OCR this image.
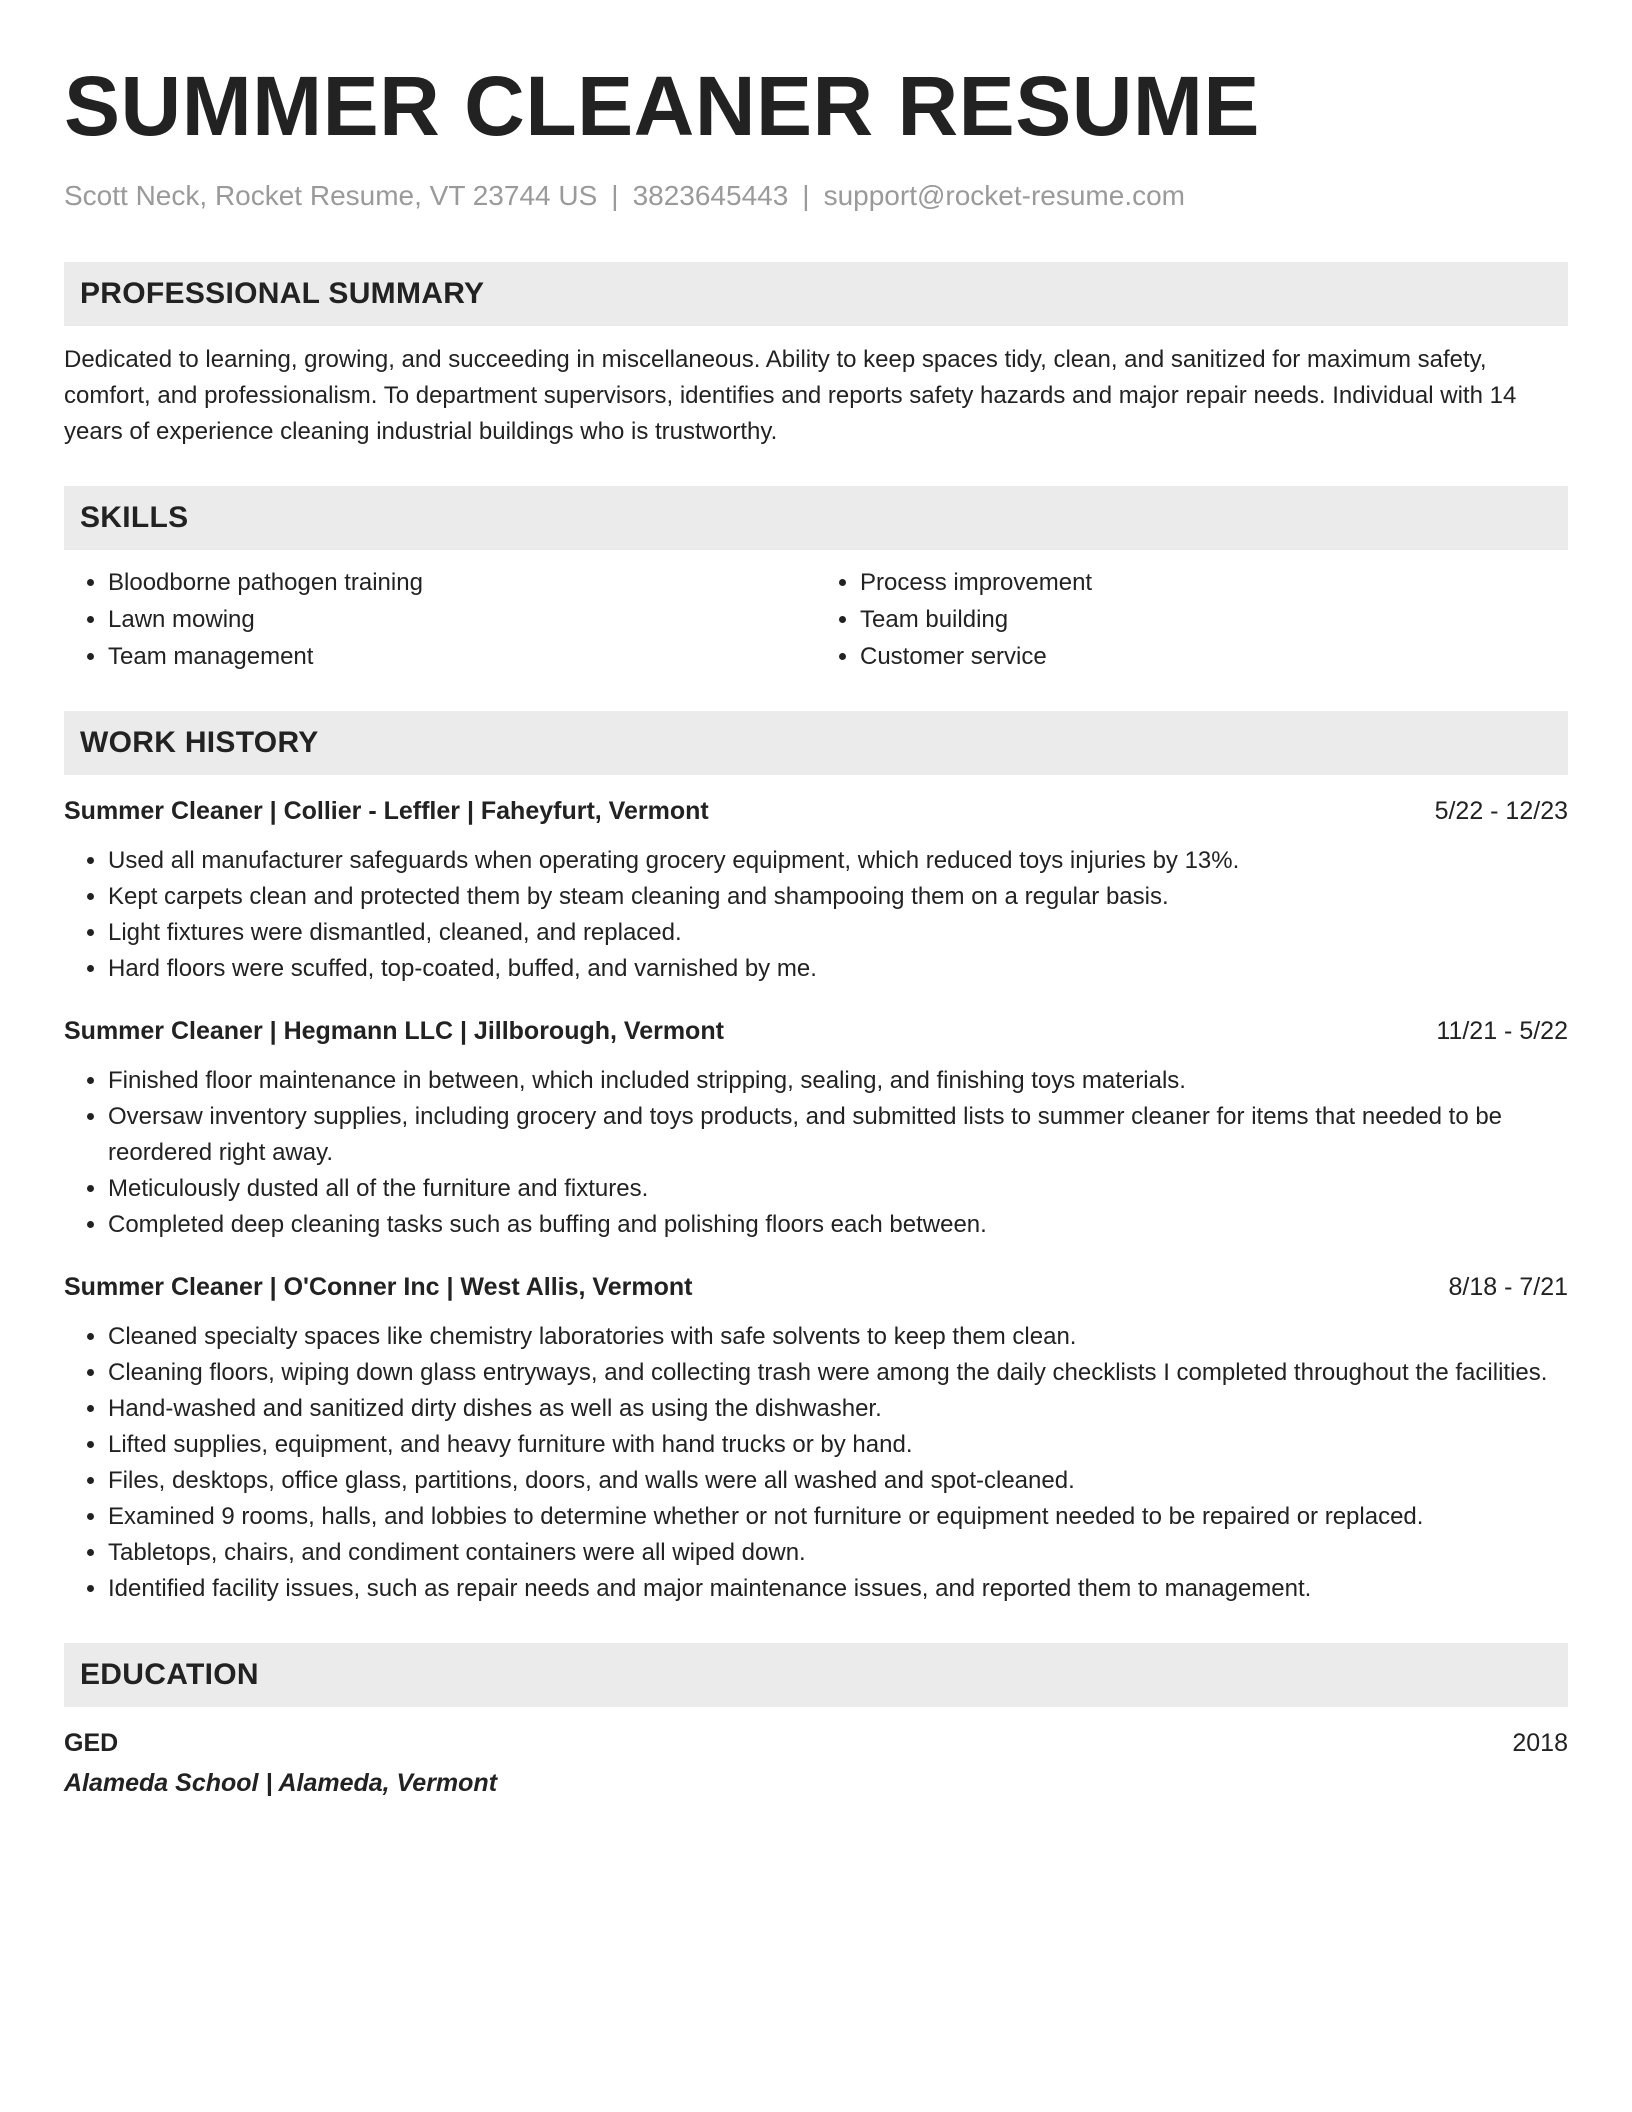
SUMMER CLEANER RESUME
Scott Neck, Rocket Resume, VT 23744 US | 3823645443 | support@rocket-resume.com
PROFESSIONAL SUMMARY
Dedicated to learning, growing, and succeeding in miscellaneous. Ability to keep spaces tidy, clean, and sanitized for maximum safety, comfort, and professionalism. To department supervisors, identifies and reports safety hazards and major repair needs. Individual with 14 years of experience cleaning industrial buildings who is trustworthy.
SKILLS
• Bloodborne pathogen training
• Lawn mowing
• Team management
• Process improvement
• Team building
• Customer service
WORK HISTORY
Summer Cleaner | Collier - Leffler | Faheyfurt, Vermont	5/22 - 12/23
• Used all manufacturer safeguards when operating grocery equipment, which reduced toys injuries by 13%.
• Kept carpets clean and protected them by steam cleaning and shampooing them on a regular basis.
• Light fixtures were dismantled, cleaned, and replaced.
• Hard floors were scuffed, top-coated, buffed, and varnished by me.
Summer Cleaner | Hegmann LLC | Jillborough, Vermont	11/21 - 5/22
• Finished floor maintenance in between, which included stripping, sealing, and finishing toys materials.
• Oversaw inventory supplies, including grocery and toys products, and submitted lists to summer cleaner for items that needed to be reordered right away.
• Meticulously dusted all of the furniture and fixtures.
• Completed deep cleaning tasks such as buffing and polishing floors each between.
Summer Cleaner | O'Conner Inc | West Allis, Vermont	8/18 - 7/21
• Cleaned specialty spaces like chemistry laboratories with safe solvents to keep them clean.
• Cleaning floors, wiping down glass entryways, and collecting trash were among the daily checklists I completed throughout the facilities.
• Hand-washed and sanitized dirty dishes as well as using the dishwasher.
• Lifted supplies, equipment, and heavy furniture with hand trucks or by hand.
• Files, desktops, office glass, partitions, doors, and walls were all washed and spot-cleaned.
• Examined 9 rooms, halls, and lobbies to determine whether or not furniture or equipment needed to be repaired or replaced.
• Tabletops, chairs, and condiment containers were all wiped down.
• Identified facility issues, such as repair needs and major maintenance issues, and reported them to management.
EDUCATION
GED	2018
Alameda School | Alameda, Vermont
